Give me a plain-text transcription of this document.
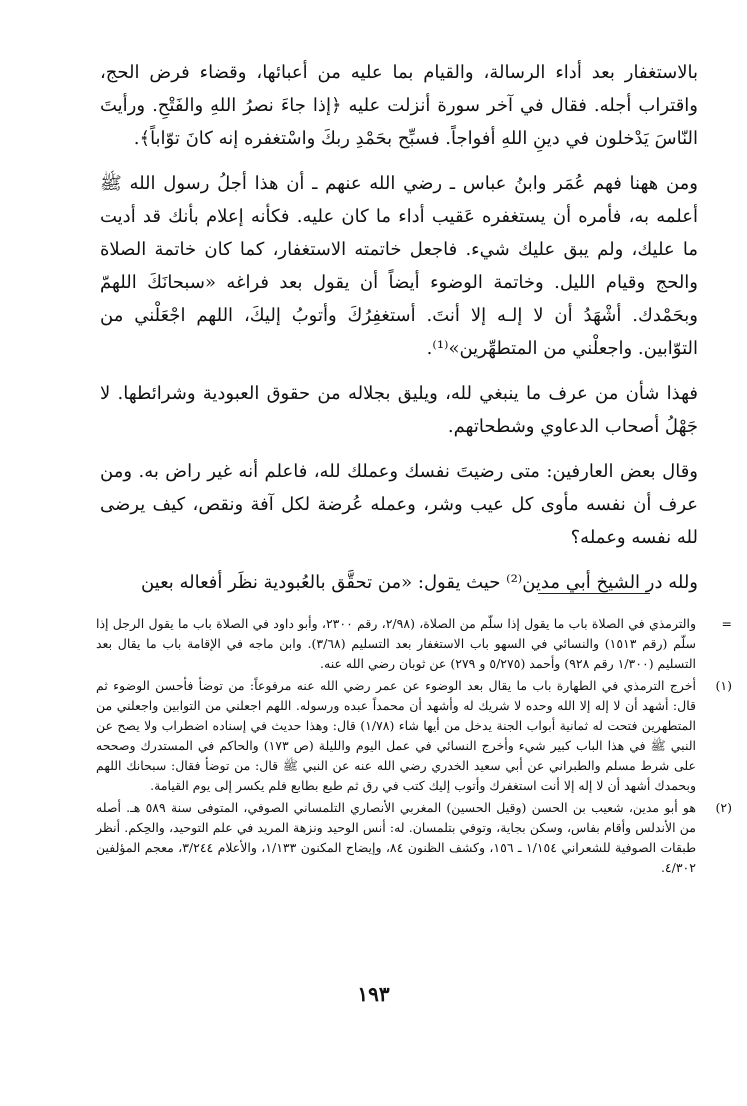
بالاستغفار بعد أداء الرسالة، والقيام بما عليه من أعبائها، وقضاء فرض الحج، واقتراب أجله. فقال في آخر سورة أنزلت عليه ﴿إذا جاءَ نصرُ اللهِ والفَتْحِ. ورأيتَ النّاسَ يَدْخلون في دينِ اللهِ أفواجاً. فسبِّح بحَمْدِ ربكَ واسْتغفره إنه كانَ توّاباً﴾.

ومن ههنا فهم عُمَر وابنُ عباس ـ رضي الله عنهم ـ أن هذا أجلُ رسول الله ﷺ أعلمه به، فأمره أن يستغفره عَقيب أداء ما كان عليه. فكأنه إعلام بأنك قد أديت ما عليك، ولم يبق عليك شيء. فاجعل خاتمته الاستغفار، كما كان خاتمة الصلاة والحج وقيام الليل. وخاتمة الوضوء أيضاً أن يقول بعد فراغه «سبحانَكَ اللهمّ وبحَمْدك. أشْهَدُ أن لا إلـه إلا أنتَ. أستغفِرُكَ وأتوبُ إليكَ، اللهم اجْعَلْني من التوّابين. واجعلْني من المتطهِّرين»⁽¹⁾.

فهذا شأن من عرف ما ينبغي لله، ويليق بجلاله من حقوق العبودية وشرائطها. لا جَهْلُ أصحاب الدعاوي وشطحاتهم.

وقال بعض العارفين: متى رضيتَ نفسك وعملك لله، فاعلم أنه غير راض به. ومن عرف أن نفسه مأوى كل عيب وشر، وعمله عُرضة لكل آفة ونقص، كيف يرضى لله نفسه وعمله؟

ولله در الشيخ أبي مدين⁽²⁾ حيث يقول: «من تحقَّق بالعُبودية نظَر أفعاله بعين

=
والترمذي في الصلاة باب ما يقول إذا سلّم من الصلاة، (٢/٩٨، رقم ٢٣٠٠، وأبو داود في الصلاة باب ما يقول الرجل إذا سلّم (رقم ١٥١٣) والنسائي في السهو باب الاستغفار بعد التسليم (٣/٦٨). وابن ماجه في الإقامة باب ما يقال بعد التسليم (١/٣٠٠ رقم ٩٢٨) وأحمد (٥/٢٧٥ و ٢٧٩) عن ثوبان رضي الله عنه.
(١)
أخرج الترمذي في الطهارة باب ما يقال بعد الوضوء عن عمر رضي الله عنه مرفوعاً: من توضأ فأحسن الوضوء ثم قال: أشهد أن لا إله إلا الله وحده لا شريك له وأشهد أن محمداً عبده ورسوله. اللهم اجعلني من التوابين واجعلني من المتطهرين فتحت له ثمانية أبواب الجنة يدخل من أيها شاء (١/٧٨) قال: وهذا حديث في إسناده اضطراب ولا يصح عن النبي ﷺ في هذا الباب كبير شيء وأخرج النسائي في عمل اليوم والليلة (ص ١٧٣) والحاكم في المستدرك وصححه على شرط مسلم والطبراني عن أبي سعيد الخدري رضي الله عنه عن النبي ﷺ قال: من توضأ فقال: سبحانك اللهم وبحمدك أشهد أن لا إله إلا أنت استغفرك وأتوب إليك كتب في رق ثم طبع بطابع فلم يكسر إلى يوم القيامة.
(٢)
هو أبو مدين، شعيب بن الحسن (وقيل الحسين) المغربي الأنصاري التلمساني الصوفي، المتوفى سنة ٥٨٩ هـ. أصله من الأندلس وأقام بفاس، وسكن بجاية، وتوفي بتلمسان. له: أنس الوحيد ونزهة المريد في علم التوحيد، والحِكم. أنظر طبقات الصوفية للشعراني ١/١٥٤ ـ ١٥٦، وكشف الظنون ٨٤، وإيضاح المكنون ١/١٣٣، والأعلام ٣/٢٤٤، معجم المؤلفين ٤/٣٠٢.
١٩٣
